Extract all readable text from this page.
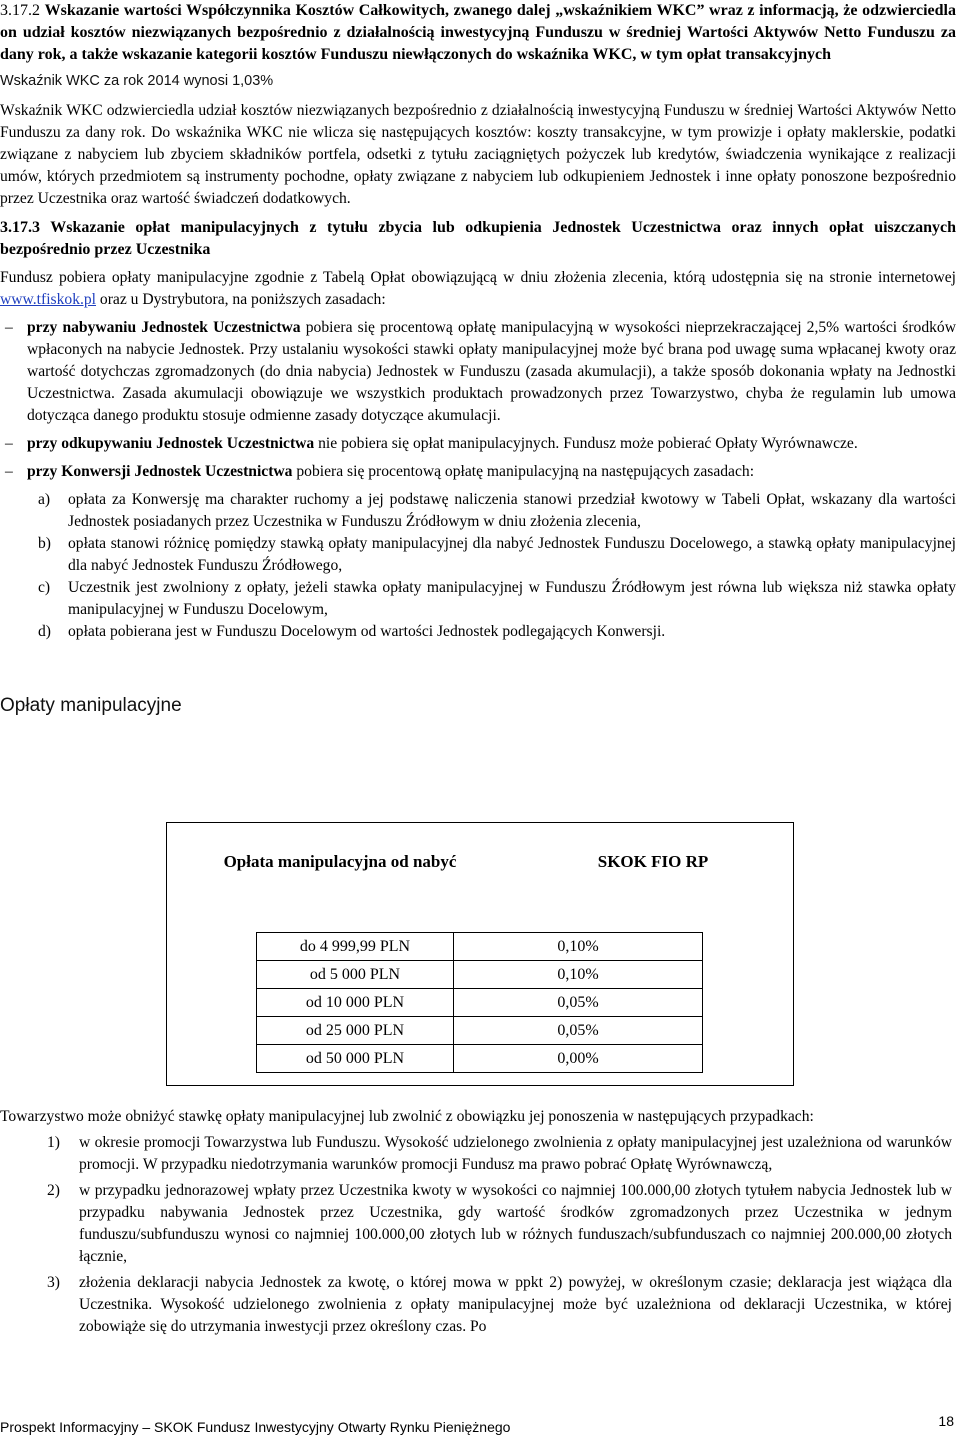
3.17.2 Wskazanie wartości Współczynnika Kosztów Całkowitych, zwanego dalej „wskaźnikiem WKC” wraz z informacją, że odzwierciedla on udział kosztów niezwiązanych bezpośrednio z działalnością inwestycyjną Funduszu w średniej Wartości Aktywów Netto Funduszu za dany rok, a także wskazanie kategorii kosztów Funduszu niewłączonych do wskaźnika WKC, w tym opłat transakcyjnych

Wskaźnik WKC za rok 2014 wynosi 1,03%

Wskaźnik WKC odzwierciedla udział kosztów niezwiązanych bezpośrednio z działalnością inwestycyjną Funduszu w średniej Wartości Aktywów Netto Funduszu za dany rok. Do wskaźnika WKC nie wlicza się następujących kosztów: koszty transakcyjne, w tym prowizje i opłaty maklerskie, podatki związane z nabyciem lub zbyciem składników portfela, odsetki z tytułu zaciągniętych pożyczek lub kredytów, świadczenia wynikające z realizacji umów, których przedmiotem są instrumenty pochodne, opłaty związane z nabyciem lub odkupieniem Jednostek i inne opłaty ponoszone bezpośrednio przez Uczestnika oraz wartość świadczeń dodatkowych.

3.17.3 Wskazanie opłat manipulacyjnych z tytułu zbycia lub odkupienia Jednostek Uczestnictwa oraz innych opłat uiszczanych bezpośrednio przez Uczestnika

Fundusz pobiera opłaty manipulacyjne zgodnie z Tabelą Opłat obowiązującą w dniu złożenia zlecenia, którą udostępnia się na stronie internetowej www.tfiskok.pl oraz u Dystrybutora, na poniższych zasadach:

– przy nabywaniu Jednostek Uczestnictwa pobiera się procentową opłatę manipulacyjną w wysokości nieprzekraczającej 2,5% wartości środków wpłaconych na nabycie Jednostek. Przy ustalaniu wysokości stawki opłaty manipulacyjnej może być brana pod uwagę suma wpłacanej kwoty oraz wartość dotychczas zgromadzonych (do dnia nabycia) Jednostek w Funduszu (zasada akumulacji), a także sposób dokonania wpłaty na Jednostki Uczestnictwa. Zasada akumulacji obowiązuje we wszystkich produktach prowadzonych przez Towarzystwo, chyba że regulamin lub umowa dotycząca danego produktu stosuje odmienne zasady dotyczące akumulacji.
– przy odkupywaniu Jednostek Uczestnictwa nie pobiera się opłat manipulacyjnych. Fundusz może pobierać Opłaty Wyrównawcze.
– przy Konwersji Jednostek Uczestnictwa pobiera się procentową opłatę manipulacyjną na następujących zasadach:
a) opłata za Konwersję ma charakter ruchomy a jej podstawę naliczenia stanowi przedział kwotowy w Tabeli Opłat, wskazany dla wartości Jednostek posiadanych przez Uczestnika w Funduszu Źródłowym w dniu złożenia zlecenia,
b) opłata stanowi różnicę pomiędzy stawką opłaty manipulacyjnej dla nabyć Jednostek Funduszu Docelowego, a stawką opłaty manipulacyjnej dla nabyć Jednostek Funduszu Źródłowego,
c) Uczestnik jest zwolniony z opłaty, jeżeli stawka opłaty manipulacyjnej w Funduszu Źródłowym jest równa lub większa niż stawka opłaty manipulacyjnej w Funduszu Docelowym,
d) opłata pobierana jest w Funduszu Docelowym od wartości Jednostek podlegających Konwersji.

Opłaty manipulacyjne

Opłata manipulacyjna od nabyć	SKOK FIO RP
do 4 999,99 PLN	0,10%
od 5 000 PLN	0,10%
od 10 000 PLN	0,05%
od 25 000 PLN	0,05%
od 50 000 PLN	0,00%

Towarzystwo może obniżyć stawkę opłaty manipulacyjnej lub zwolnić z obowiązku jej ponoszenia w następujących przypadkach:

1) w okresie promocji Towarzystwa lub Funduszu. Wysokość udzielonego zwolnienia z opłaty manipulacyjnej jest uzależniona od warunków promocji. W przypadku niedotrzymania warunków promocji Fundusz ma prawo pobrać Opłatę Wyrównawczą,
2) w przypadku jednorazowej wpłaty przez Uczestnika kwoty w wysokości co najmniej 100.000,00 złotych tytułem nabycia Jednostek lub w przypadku nabywania Jednostek przez Uczestnika, gdy wartość środków zgromadzonych przez Uczestnika w jednym funduszu/subfunduszu wynosi co najmniej 100.000,00 złotych lub w różnych funduszach/subfunduszach co najmniej 200.000,00 złotych łącznie,
3) złożenia deklaracji nabycia Jednostek za kwotę, o której mowa w ppkt 2) powyżej, w określonym czasie; deklaracja jest wiążąca dla Uczestnika. Wysokość udzielonego zwolnienia z opłaty manipulacyjnej może być uzależniona od deklaracji Uczestnika, w której zobowiąże się do utrzymania inwestycji przez określony czas. Po
Prospekt Informacyjny – SKOK Fundusz Inwestycyjny Otwarty Rynku Pieniężnego	18
